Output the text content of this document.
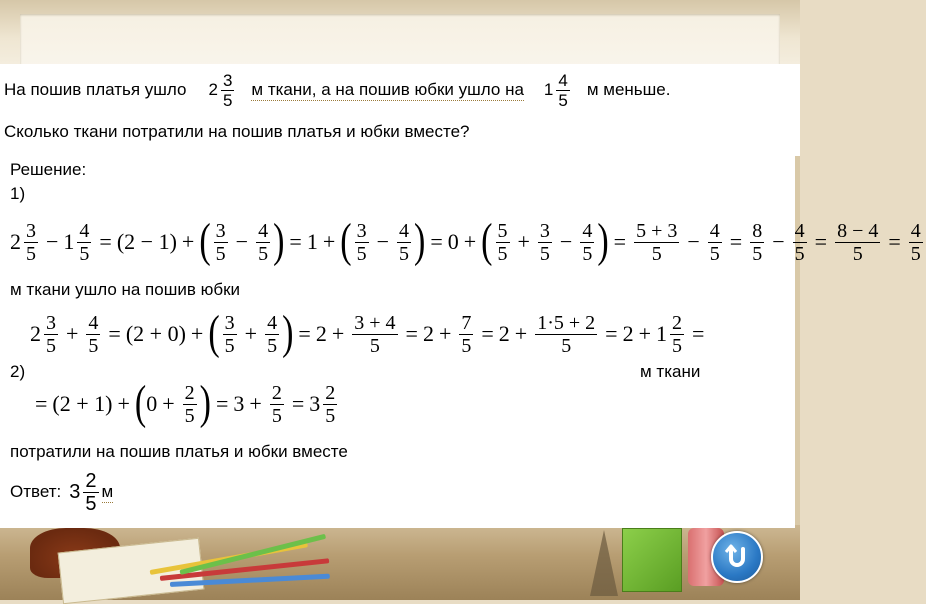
На пошив платья ушло $2 \frac{3}{5}$ м ткани, а на пошив юбки ушло на $1 \frac{4}{5}$ м меньше.
Сколько ткани потратили на пошив платья и юбки вместе?
Решение:
1)
$2 \frac{3}{5} - 1 \frac{4}{5} = (2 - 1)$ + ( $\frac{3}{5} - \frac{4}{5}$ ) = 1 + ( $\frac{3}{5} - \frac{4}{5}$ ) = 0 + ( $\frac{5}{5} + \frac{3}{5} - \frac{4}{5}$ ) = $\frac{5 + 3}{5} - \frac{4}{5} = \frac{8}{5} - \frac{4}{5} = \frac{8 - 4}{5} = \frac{4}{5}$
м ткани ушло на пошив юбки
$2 \frac{3}{5} + \frac{4}{5} = (2 + 0)$ + ( $\frac{3}{5} + \frac{4}{5}$ ) = $2 + \frac{3 + 4}{5} = 2 + \frac{7}{5} = 2 + \frac{1\cdot 5 + 2}{5} = 2 + 1 \frac{2}{5}$ =
2)	м ткани
= (2 + 1) + ( $0 + \frac{2}{5}$ ) = $3 + \frac{2}{5} = 3 \frac{2}{5}$
потратили на пошив платья и юбки вместе
Ответ: $3 \frac{2}{5}$ м
